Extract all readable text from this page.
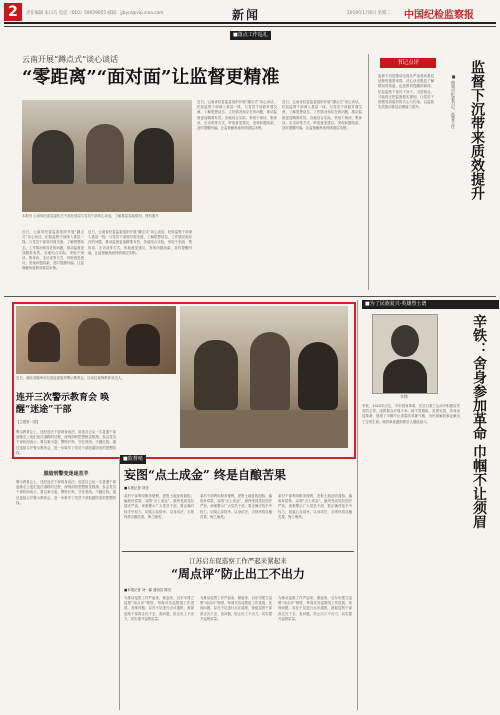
2	责任编辑 朱日巧 电话（010）59059055 邮箱：jjbyrz@vip.sina.com	新闻	2019年1月8日 星期二 中国纪检监察报
■落点工作巡礼
云南开展“蹲点式”谈心谈话
“零距离”“面对面”让监督更精准
本报讯 云南省纪委监委机关干部在基层与党员干部谈心谈话，了解基层实际情况。资料照片
近日，云南省纪委监委组织开展“蹲点式”谈心谈话，纪检监察干部深入基层一线，与党员干部面对面交流，了解思想动态、工作情况和存在的问题，推动监督更加精准有效。各地结合实际，采取个别谈、集体谈、走访谈等方式，听取意见建议，发现问题线索，及时提醒纠偏，让监督触角延伸到基层末梢。
近日，云南省纪委监委组织开展“蹲点式”谈心谈话，纪检监察干部深入基层一线，与党员干部面对面交流，了解思想动态、工作情况和存在的问题，推动监督更加精准有效。各地结合实际，采取个别谈、集体谈、走访谈等方式，听取意见建议，发现问题线索，及时提醒纠偏，让监督触角延伸到基层末梢。
近日，云南省纪委监委组织开展“蹲点式”谈心谈话，纪检监察干部深入基层一线，与党员干部面对面交流，了解思想动态、工作情况和存在的问题，推动监督更加精准有效。各地结合实际，采取个别谈、集体谈、走访谈等方式，听取意见建议，发现问题线索，及时提醒纠偏，让监督触角延伸到基层末梢。
近日，云南省纪委监委组织开展“蹲点式”谈心谈话，纪检监察干部深入基层一线，与党员干部面对面交流，了解思想动态、工作情况和存在的问题，推动监督更加精准有效。各地结合实际，采取个别谈、集体谈、走访谈等方式，听取意见建议，发现问题线索，及时提醒纠偏，让监督触角延伸到基层末梢。
书记点评
监督下沉是推动全面从严治党向基层延伸的重要举措。谈心谈话既是了解情况的渠道，也是教育提醒的载体。纪检监察干部沉下身子、走进群众，才能真正把监督做实做细，让党员干部感受到组织的关心与约束，以监督实效推动基层治理能力提升。	监督下沉带来质效提升
■ 曲靖市纪委书记、监委主任
近日，湖北省随州市纪委监委组织警示教育会，以身边案例教育身边人。
连开三次警示教育会 唤醒“迷途”干部
【主题第一期】
警示教育会上，违纪违法干部现身说法，讲述自己从一名普通干部逐渐走上违纪违法道路的过程，深刻剖析思想蜕变根源。参会党员干部纷纷表示，要以案为鉴、警钟长鸣，守住底线、不越红线。通过连续召开警示教育会，进一步筑牢了党员干部拒腐防变的思想防线。
■监督哨
妄图“点土成金” 终是自酿苦果
■本报记者 刘莹
某村干部利用职务便利，虚报土地征收面积，骗取补偿款，妄图“点土成金”，最终受到党纪国法严惩。该案警示广大党员干部，要正确对待手中权力，切莫心存侥幸、以身试法，否则终将自酿苦果、悔之晚矣。
某村干部利用职务便利，虚报土地征收面积，骗取补偿款，妄图“点土成金”，最终受到党纪国法严惩。该案警示广大党员干部，要正确对待手中权力，切莫心存侥幸、以身试法，否则终将自酿苦果、悔之晚矣。
某村干部利用职务便利，虚报土地征收面积，骗取补偿款，妄图“点土成金”，最终受到党纪国法严惩。该案警示广大党员干部，要正确对待手中权力，切莫心存侥幸、以身试法，否则终将自酿苦果、悔之晚矣。
黑暗刑警变迷途羔羊
警示教育会上，违纪违法干部现身说法，讲述自己从一名普通干部逐渐走上违纪违法道路的过程，深刻剖析思想蜕变根源。参会党员干部纷纷表示，要以案为鉴、警钟长鸣，守住底线、不越红线。通过连续召开警示教育会，进一步筑牢了党员干部拒腐防变的思想防线。
江苏启东促巡察工作严起来紧起来
“周点评”防止出工不出力
■本报记者 刘一霖 通讯员 陈宗
为推动巡察工作严起来、紧起来，启东市建立巡察“周点评”制度，每周对各巡察组工作进展、发现问题、存在不足进行点评通报，督促巡察干部真正沉下去、查问题，防止出工不出力，切实提升巡察质量。
为推动巡察工作严起来、紧起来，启东市建立巡察“周点评”制度，每周对各巡察组工作进展、发现问题、存在不足进行点评通报，督促巡察干部真正沉下去、查问题，防止出工不出力，切实提升巡察质量。
为推动巡察工作严起来、紧起来，启东市建立巡察“周点评”制度，每周对各巡察组工作进展、发现问题、存在不足进行点评通报，督促巡察干部真正沉下去、查问题，防止出工不出力，切实提升巡察质量。
■为了民族复兴·英雄烈士谱
辛铁	辛铁：舍身参加革命 巾帼不让须眉
辛铁，1920年出生，早年投身革命，在抗日救亡运动中积极宣传党的主张，组织群众开展斗争。她不畏艰险、英勇无畏，舍身参加革命，展现了巾帼不让须眉的英雄气概，为民族解放事业献出了宝贵生命。她的事迹激励着后人继续奋斗。
